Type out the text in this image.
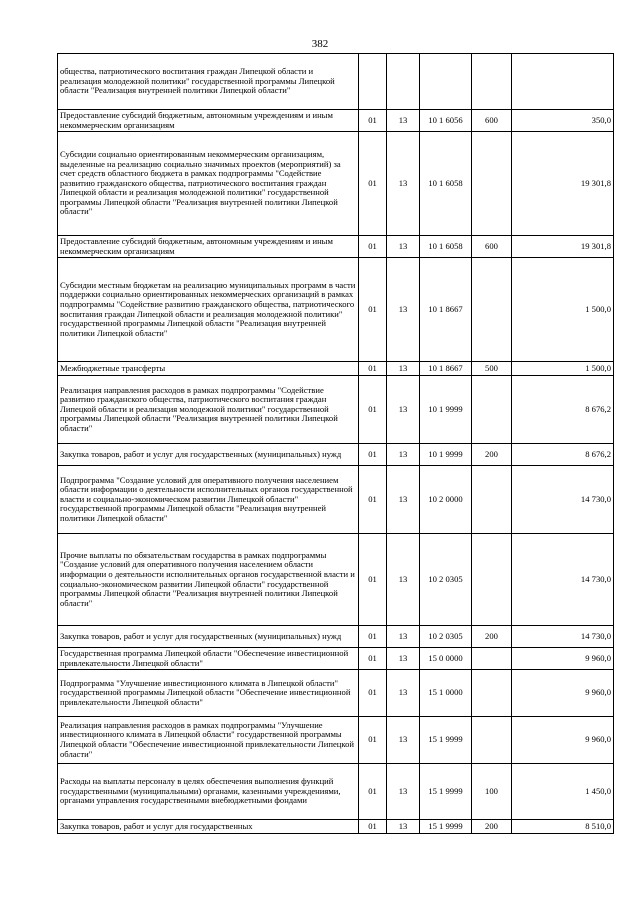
382
общества, патриотического воспитания граждан Липецкой области и реализация молодежной политики" государственной программы Липецкой области "Реализация внутренней политики Липецкой области"					
Предоставление субсидий бюджетным, автономным учреждениям и иным некоммерческим организациям	01	13	10 1 6056	600	350,0
Субсидии социально ориентированным некоммерческим организациям, выделенные на реализацию социально значимых проектов (мероприятий) за счет средств областного бюджета в рамках подпрограммы "Содействие развитию гражданского общества, патриотического воспитания граждан Липецкой области и реализация молодежной политики" государственной программы Липецкой области "Реализация внутренней политики Липецкой области"	01	13	10 1 6058		19 301,8
Предоставление субсидий бюджетным, автономным учреждениям и иным некоммерческим организациям	01	13	10 1 6058	600	19 301,8
Субсидии местным бюджетам на реализацию муниципальных программ в части поддержки социально ориентированных некоммерческих организаций в рамках подпрограммы "Содействие развитию гражданского общества, патриотического воспитания граждан Липецкой области и реализация молодежной политики" государственной программы Липецкой области "Реализация внутренней политики Липецкой области"	01	13	10 1 8667		1 500,0
Межбюджетные трансферты	01	13	10 1 8667	500	1 500,0
Реализация направления расходов в рамках подпрограммы "Содействие развитию гражданского общества, патриотического воспитания граждан Липецкой области и реализация молодежной политики" государственной программы Липецкой области "Реализация внутренней политики Липецкой области"	01	13	10 1 9999		8 676,2
Закупка товаров, работ и услуг для государственных (муниципальных) нужд	01	13	10 1 9999	200	8 676,2
Подпрограмма "Создание условий для оперативного получения населением области информации о деятельности исполнительных органов государственной власти и социально-экономическом развитии Липецкой области" государственной программы Липецкой области "Реализация внутренней политики Липецкой области"	01	13	10 2 0000		14 730,0
Прочие выплаты по обязательствам государства в рамках подпрограммы "Создание условий для оперативного получения населением области информации о деятельности исполнительных органов государственной власти и социально-экономическом развитии Липецкой области" государственной программы Липецкой области "Реализация внутренней политики Липецкой области"	01	13	10 2 0305		14 730,0
Закупка товаров, работ и услуг для государственных (муниципальных) нужд	01	13	10 2 0305	200	14 730,0
Государственная программа Липецкой области "Обеспечение инвестиционной привлекательности Липецкой области"	01	13	15 0 0000		9 960,0
Подпрограмма "Улучшение инвестиционного климата в Липецкой области" государственной программы Липецкой области "Обеспечение инвестиционной привлекательности Липецкой области"	01	13	15 1 0000		9 960,0
Реализация направления расходов в рамках подпрограммы "Улучшение инвестиционного климата в Липецкой области" государственной программы Липецкой области "Обеспечение инвестиционной привлекательности Липецкой области"	01	13	15 1 9999		9 960,0
Расходы на выплаты персоналу в целях обеспечения выполнения функций государственными (муниципальными) органами, казенными учреждениями, органами управления государственными внебюджетными фондами	01	13	15 1 9999	100	1 450,0
Закупка товаров, работ и услуг для государственных	01	13	15 1 9999	200	8 510,0
